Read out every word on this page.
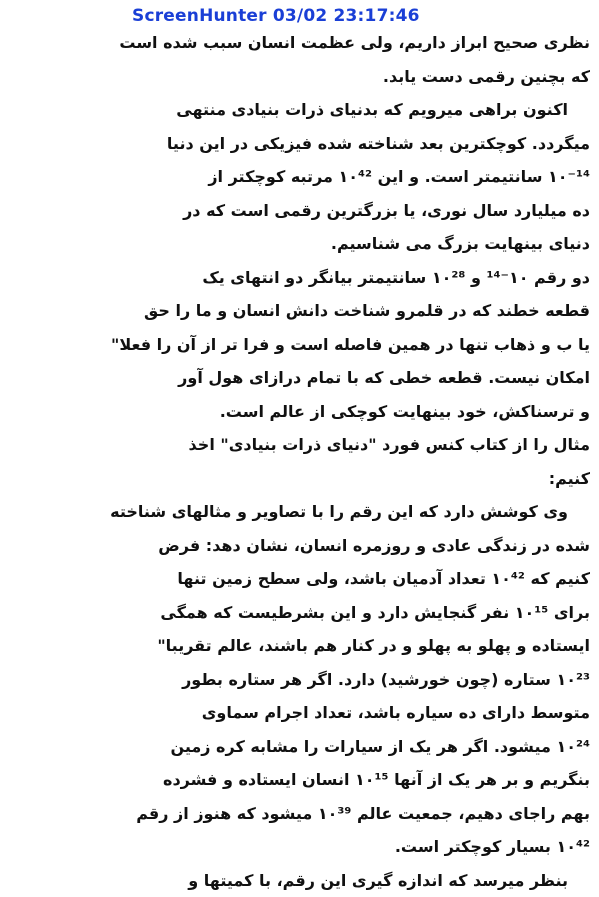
ScreenHunter 03/02 23:17:46
نظری صحیح ابراز داریم، ولی عظمت انسان سبب شده است
که بچنین رقمی دست یابد.
اکنون براهی میرویم که بدنیای ذرات بنیادی منتهی
میگردد. کوچکترین بعد شناخته شده فیزیکی در این دنیا
۱۰⁻¹⁴ سانتیمتر است. و این ۱۰⁴² مرتبه کوچکتر از
ده میلیارد سال نوری، یا بزرگترین رقمی است که در
دنیای بینهایت بزرگ می شناسیم.
دو رقم ۱۰⁻¹⁴ و ۱۰²⁸ سانتیمتر بیانگر دو انتهای یک
قطعه خطند که در قلمرو شناخت دانش انسان و ما را حق
یا ب و ذهاب تنها در همین فاصله است و فرا تر از آن را فعلا"
امکان نیست. قطعه خطی که با تمام درازای هول آور
و ترسناکش، خود بینهایت کوچکی از عالم است.
مثال را از کتاب کنس فورد "دنیای ذرات بنیادی" اخذ
کنیم:
وی کوشش دارد که این رقم را با تصاویر و مثالهای شناخته
شده در زندگی عادی و روزمره انسان، نشان دهد: فرض
کنیم که ۱۰⁴² تعداد آدمیان باشد، ولی سطح زمین تنها
برای ۱۰¹⁵ نفر گنجایش دارد و این بشرطیست که همگی
ایستاده و پهلو به پهلو و در کنار هم باشند، عالم تقریبا"
۱۰²³ ستاره (چون خورشید) دارد. اگر هر ستاره بطور
متوسط دارای ده سیاره باشد، تعداد اجرام سماوی
۱۰²⁴ میشود. اگر هر یک از سیارات را مشابه کره زمین
بنگریم و بر هر یک از آنها ۱۰¹⁵ انسان ایستاده و فشرده
بهم راجای دهیم، جمعیت عالم ۱۰³⁹ میشود که هنوز از رقم
۱۰⁴² بسیار کوچکتر است.
بنظر میرسد که اندازه گیری این رقم، با کمیتها و
